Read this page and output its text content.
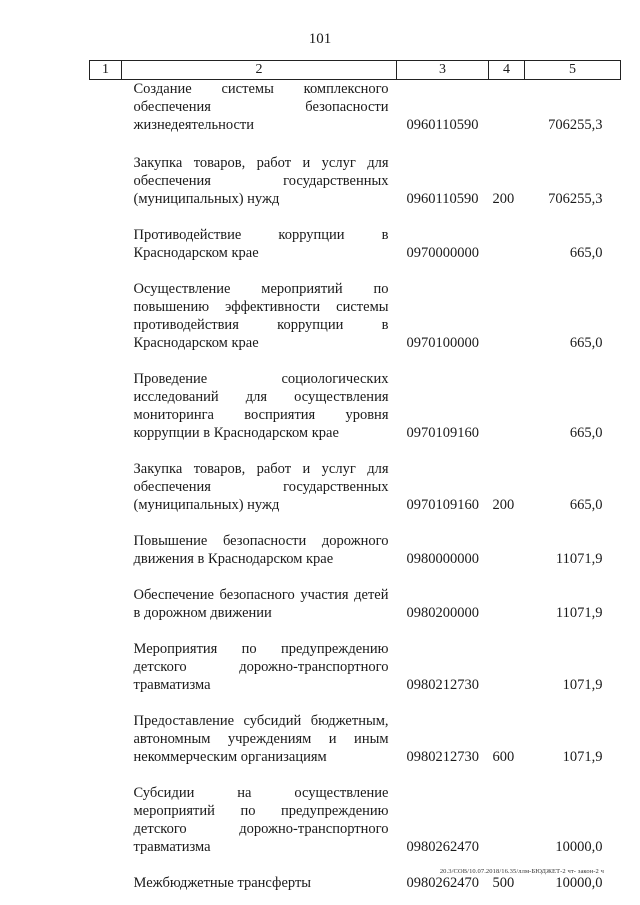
101
1	2	3	4	5
	Создание системы комплексного обеспечения безопасности жизнедеятельности	0960110590		706255,3
	Закупка товаров, работ и услуг для обеспечения государственных (муниципальных) нужд	0960110590	200	706255,3
	Противодействие коррупции в Краснодарском крае	0970000000		665,0
	Осуществление мероприятий по повышению эффективности системы противодействия коррупции в Краснодарском крае	0970100000		665,0
	Проведение социологических исследований для осуществления мониторинга восприятия уровня коррупции в Краснодарском крае	0970109160		665,0
	Закупка товаров, работ и услуг для обеспечения государственных (муниципальных) нужд	0970109160	200	665,0
	Повышение безопасности дорожного движения в Краснодарском крае	0980000000		11071,9
	Обеспечение безопасного участия детей в дорожном движении	0980200000		11071,9
	Мероприятия по предупреждению детского дорожно-транспортного травматизма	0980212730		1071,9
	Предоставление субсидий бюджетным, автономным учреждениям и иным некоммерческим организациям	0980212730	600	1071,9
	Субсидии на осуществление мероприятий по предупреждению детского дорожно-транспортного травматизма	0980262470		10000,0
	Межбюджетные трансферты	0980262470	500	10000,0
20.3/СОВ/10.07.2018/16.35/ллм-БЮДЖЕТ-2 чт- закон-2 ч
